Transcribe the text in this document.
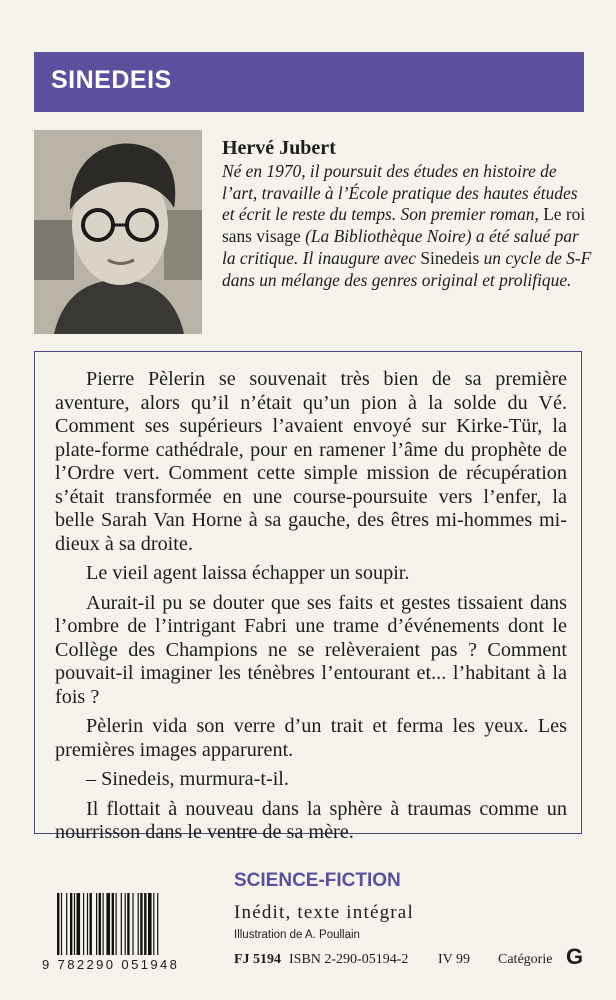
SINEDEIS
Hervé Jubert
Né en 1970, il poursuit des études en histoire de l’art, travaille à l’École pratique des hautes études et écrit le reste du temps. Son premier roman, Le roi sans visage (La Bibliothèque Noire) a été salué par la critique. Il inaugure avec Sinedeis un cycle de S-F dans un mélange des genres original et prolifique.

Pierre Pèlerin se souvenait très bien de sa première aventure, alors qu’il n’était qu’un pion à la solde du Vé. Comment ses supérieurs l’avaient envoyé sur Kirke-Tür, la plate-forme cathédrale, pour en ramener l’âme du prophète de l’Ordre vert. Comment cette simple mission de récupération s’était transformée en une course-poursuite vers l’enfer, la belle Sarah Van Horne à sa gauche, des êtres mi-hommes mi-dieux à sa droite.

Le vieil agent laissa échapper un soupir.

Aurait-il pu se douter que ses faits et gestes tissaient dans l’ombre de l’intrigant Fabri une trame d’événements dont le Collège des Champions ne se relèveraient pas ? Comment pouvait-il imaginer les ténèbres l’entourant et... l’habitant à la fois ?

Pèlerin vida son verre d’un trait et ferma les yeux. Les premières images apparurent.

– Sinedeis, murmura-t-il.

Il flottait à nouveau dans la sphère à traumas comme un nourrisson dans le ventre de sa mère.

9 782290 051948
SCIENCE-FICTION
Inédit, texte intégral
Illustration de A. Poullain
FJ 5194 ISBN 2-290-05194-2 IV 99 Catégorie G
